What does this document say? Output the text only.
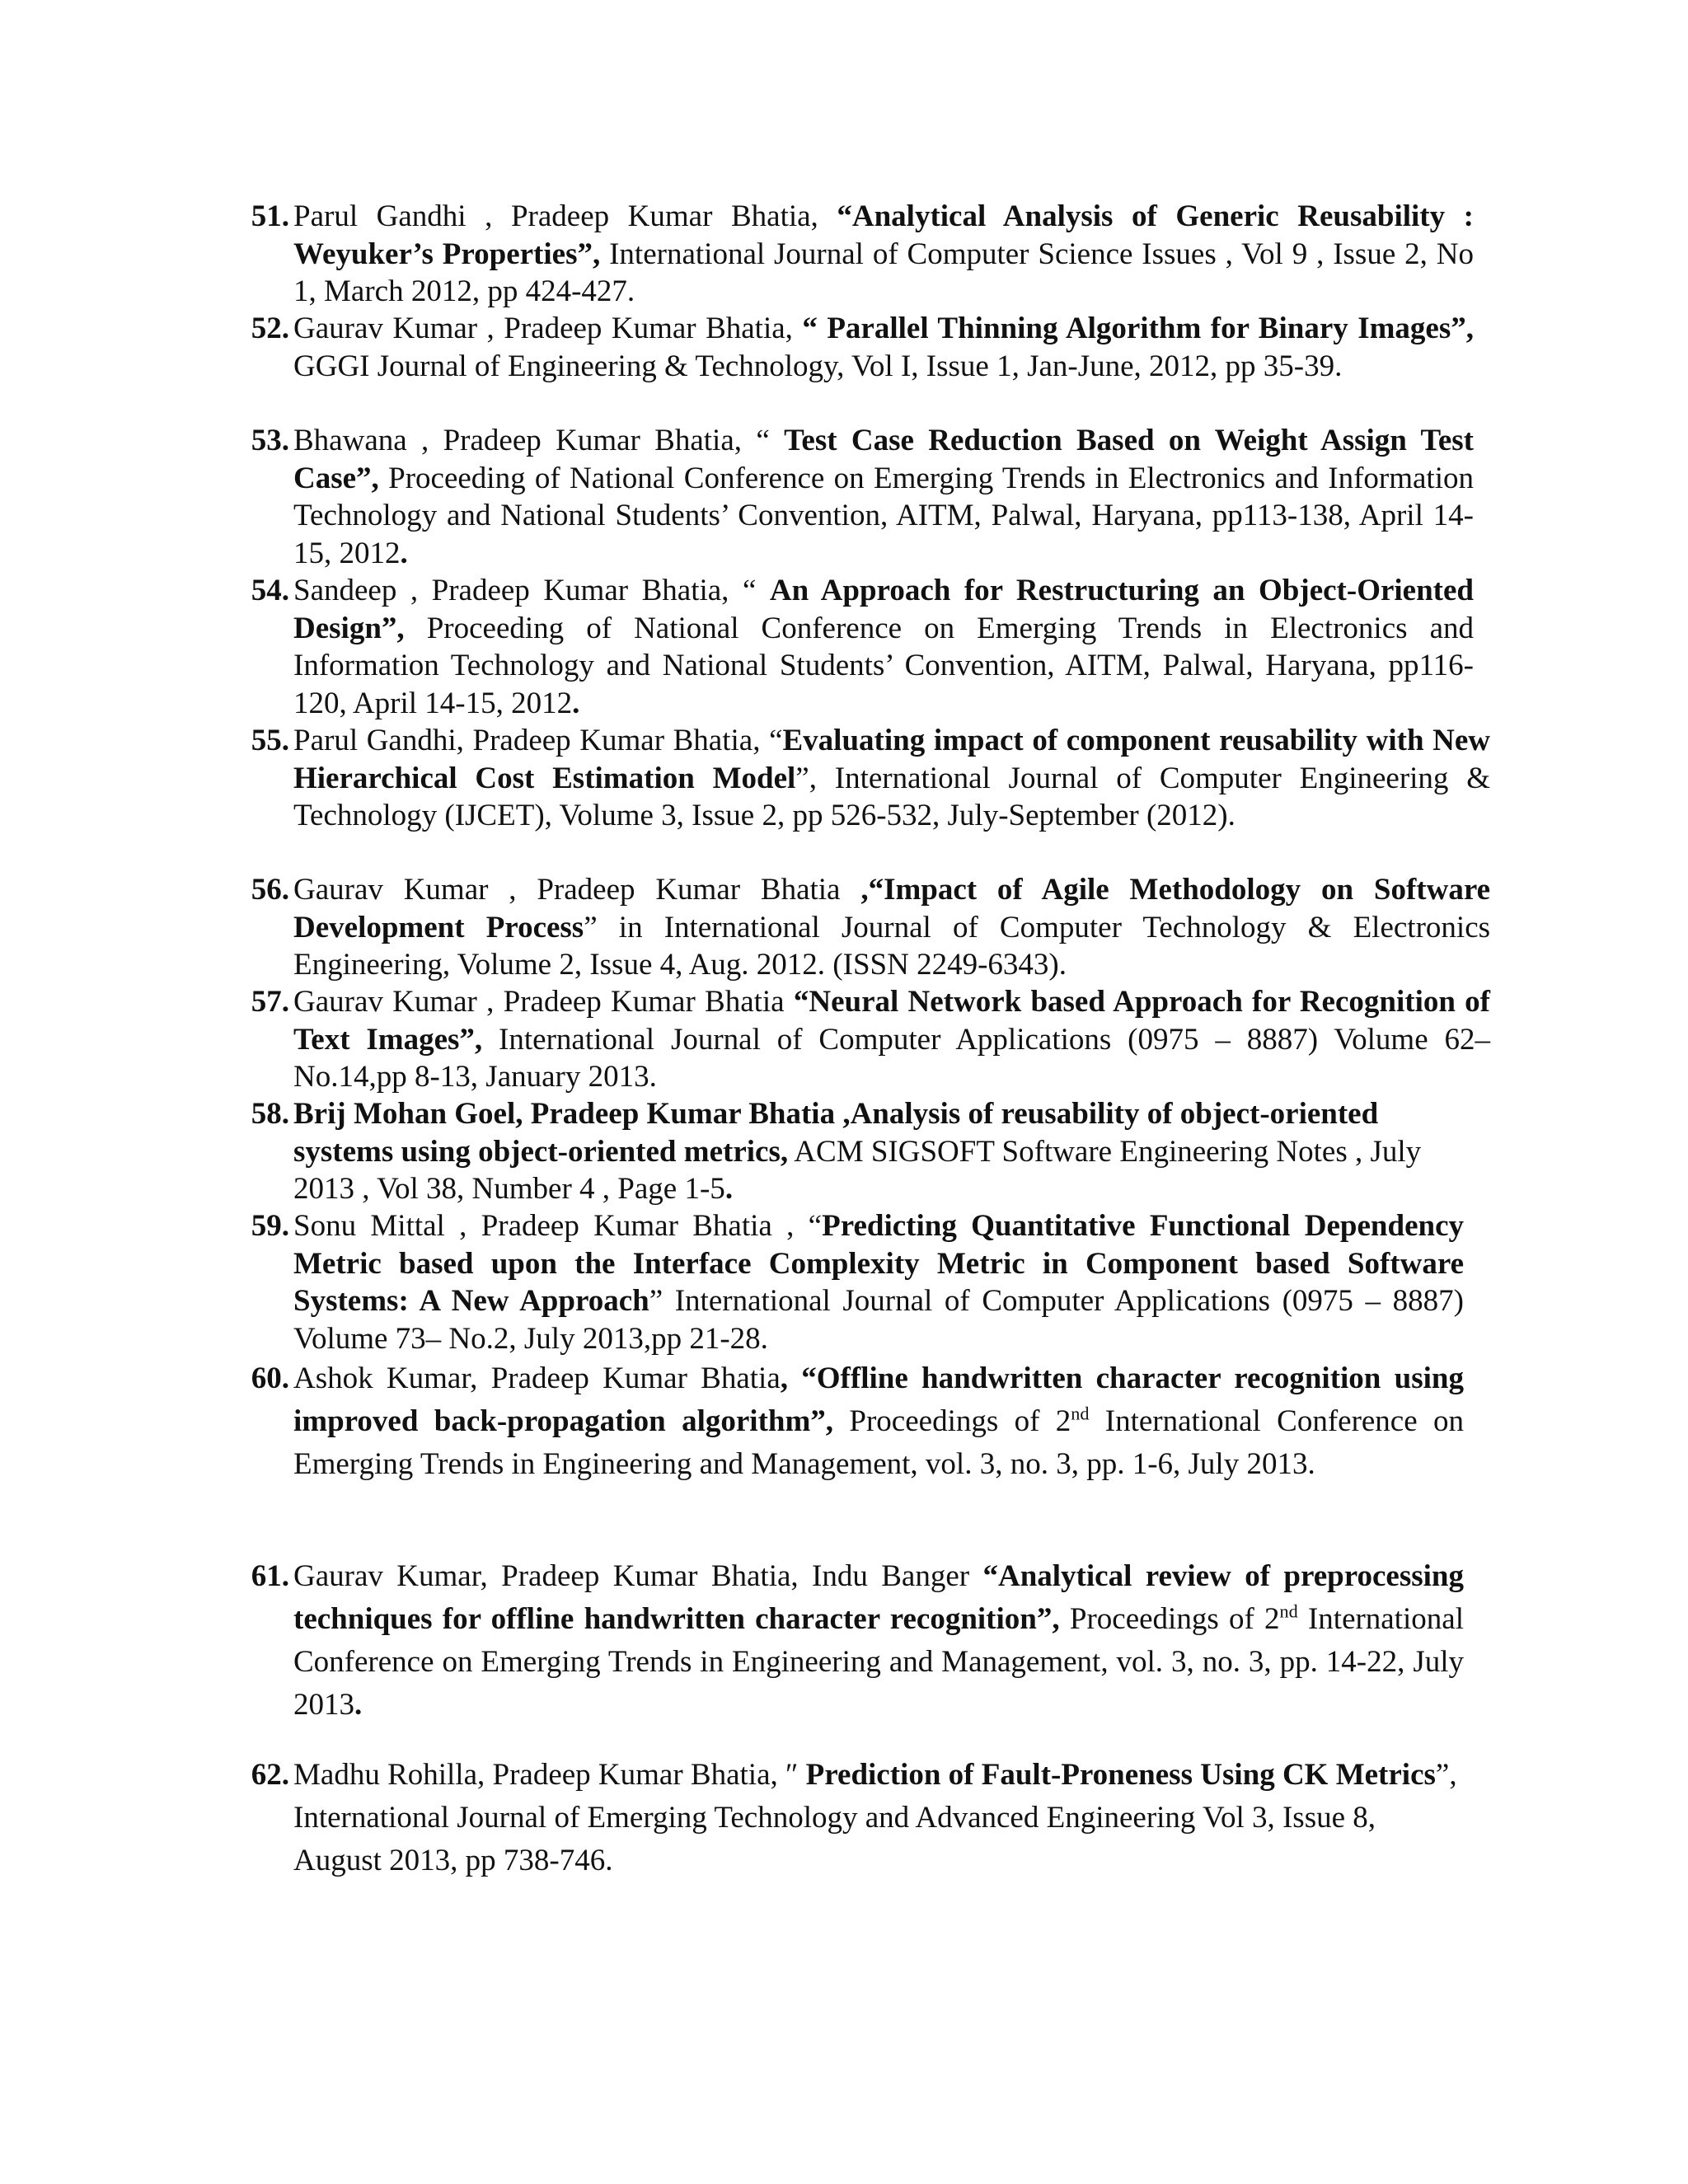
51. Parul Gandhi , Pradeep Kumar Bhatia, “Analytical Analysis of Generic Reusability : Weyuker’s Properties”, International Journal of Computer Science Issues , Vol 9 , Issue 2, No 1, March 2012, pp 424-427.
52. Gaurav Kumar , Pradeep Kumar Bhatia, “ Parallel Thinning Algorithm for Binary Images”, GGGI Journal of Engineering & Technology, Vol I, Issue 1, Jan-June, 2012, pp 35-39.
53. Bhawana , Pradeep Kumar Bhatia, “ Test Case Reduction Based on Weight Assign Test Case”, Proceeding of National Conference on Emerging Trends in Electronics and Information Technology and National Students’ Convention, AITM, Palwal, Haryana, pp113-138, April 14-15, 2012.
54. Sandeep , Pradeep Kumar Bhatia, “ An Approach for Restructuring an Object-Oriented Design”, Proceeding of National Conference on Emerging Trends in Electronics and Information Technology and National Students’ Convention, AITM, Palwal, Haryana, pp116-120, April 14-15, 2012.
55. Parul Gandhi, Pradeep Kumar Bhatia, “Evaluating impact of component reusability with New Hierarchical Cost Estimation Model”, International Journal of Computer Engineering & Technology (IJCET), Volume 3, Issue 2, pp 526-532, July-September (2012).
56. Gaurav Kumar , Pradeep Kumar Bhatia ,“Impact of Agile Methodology on Software Development Process” in International Journal of Computer Technology & Electronics Engineering, Volume 2, Issue 4, Aug. 2012. (ISSN 2249-6343).
57. Gaurav Kumar , Pradeep Kumar Bhatia “Neural Network based Approach for Recognition of Text Images”, International Journal of Computer Applications (0975 – 8887) Volume 62– No.14,pp 8-13, January 2013.
58. Brij Mohan Goel, Pradeep Kumar Bhatia ,Analysis of reusability of object-oriented systems using object-oriented metrics, ACM SIGSOFT Software Engineering Notes , July 2013 , Vol 38, Number 4 , Page 1-5.
59. Sonu Mittal , Pradeep Kumar Bhatia , “Predicting Quantitative Functional Dependency Metric based upon the Interface Complexity Metric in Component based Software Systems: A New Approach” International Journal of Computer Applications (0975 – 8887) Volume 73– No.2, July 2013,pp 21-28.
60. Ashok Kumar, Pradeep Kumar Bhatia, “Offline handwritten character recognition using improved back-propagation algorithm”, Proceedings of 2nd International Conference on Emerging Trends in Engineering and Management, vol. 3, no. 3, pp. 1-6, July 2013.
61. Gaurav Kumar, Pradeep Kumar Bhatia, Indu Banger “Analytical review of preprocessing techniques for offline handwritten character recognition”, Proceedings of 2nd International Conference on Emerging Trends in Engineering and Management, vol. 3, no. 3, pp. 14-22, July 2013.
62. Madhu Rohilla, Pradeep Kumar Bhatia, ″ Prediction of Fault-Proneness Using CK Metrics”, International Journal of Emerging Technology and Advanced Engineering Vol 3, Issue 8, August 2013, pp 738-746.
